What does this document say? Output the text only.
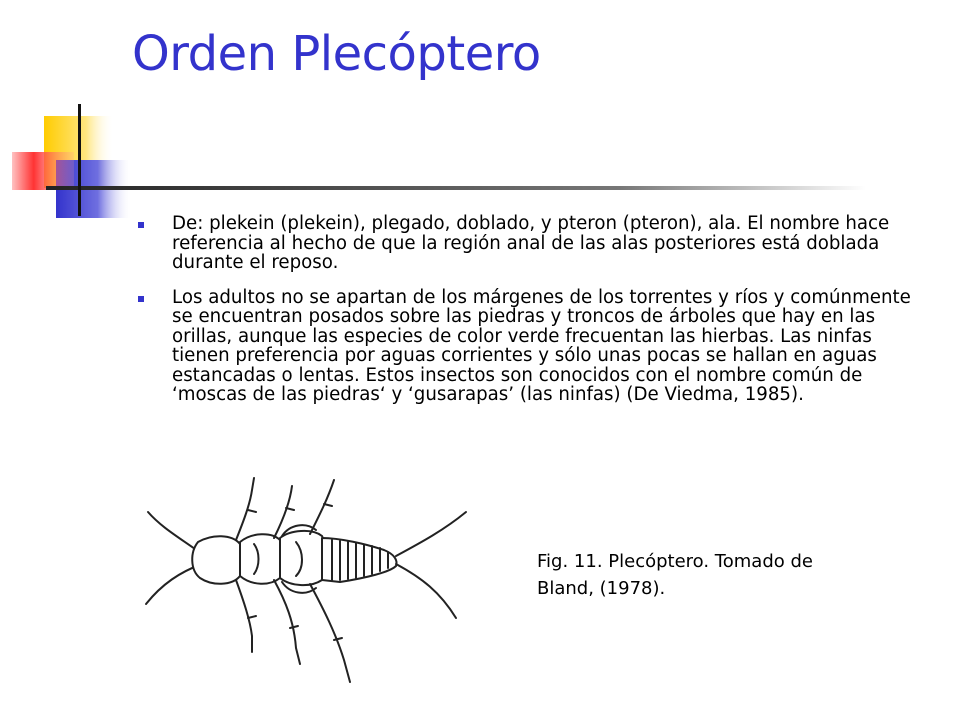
Orden Plecóptero
De: plekein (plekein), plegado, doblado, y pteron (pteron), ala. El nombre hace referencia al hecho de que la región anal de las alas posteriores está doblada durante el reposo.
Los adultos no se apartan de los márgenes de los torrentes y ríos y comúnmente se encuentran posados sobre las piedras y troncos de árboles que hay en las orillas, aunque las especies de color verde frecuentan las hierbas. Las ninfas tienen preferencia por aguas corrientes y sólo unas pocas se hallan en aguas estancadas o lentas. Estos insectos son conocidos con el nombre común de ‘moscas de las piedras‘ y ‘gusarapas’ (las ninfas) (De Viedma, 1985).
Fig. 11. Plecóptero. Tomado de Bland, (1978).
